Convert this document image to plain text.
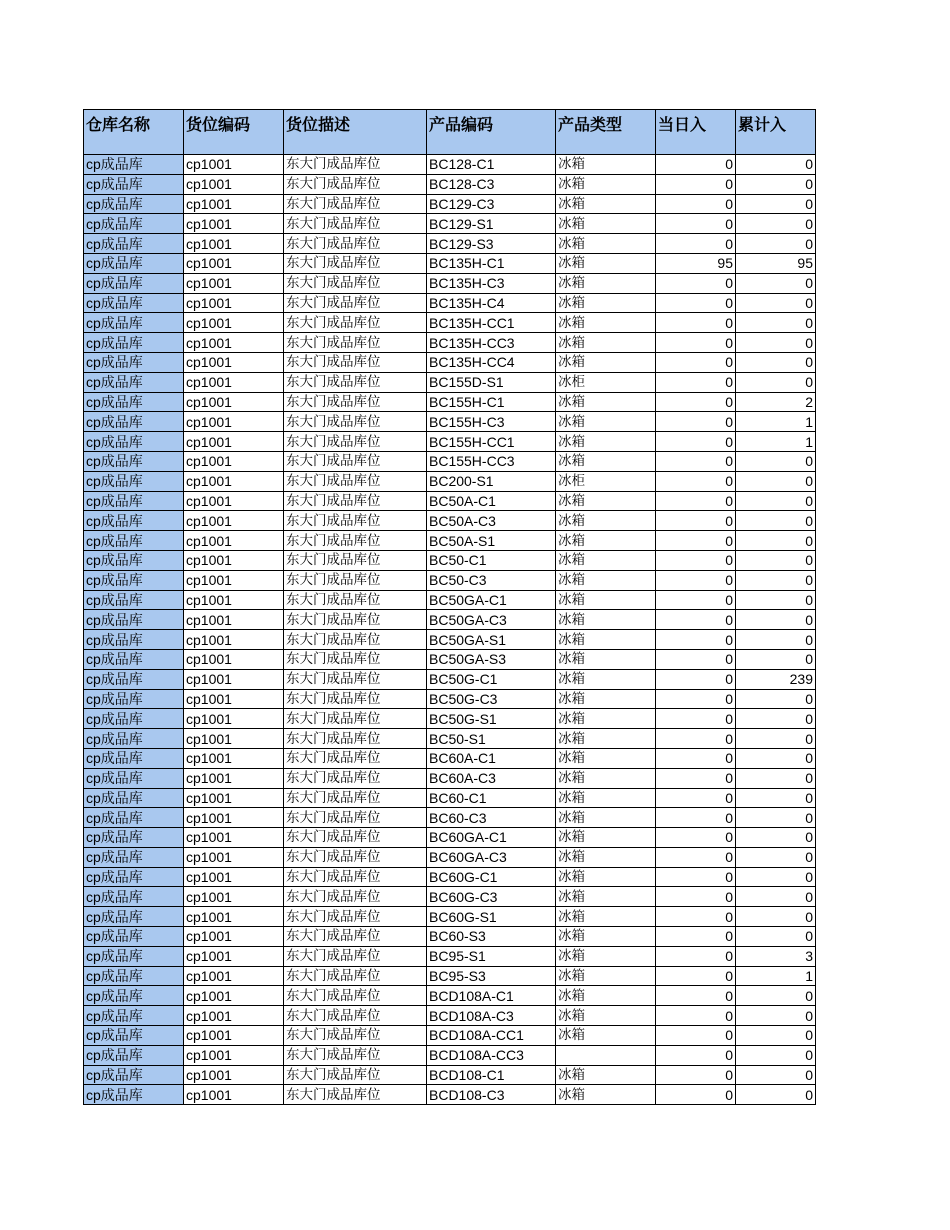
仓库名称	货位编码	货位描述	产品编码	产品类型	当日入	累计入
cp成品库	cp1001	东大门成品库位	BC128-C1	冰箱	0	0
cp成品库	cp1001	东大门成品库位	BC128-C3	冰箱	0	0
cp成品库	cp1001	东大门成品库位	BC129-C3	冰箱	0	0
cp成品库	cp1001	东大门成品库位	BC129-S1	冰箱	0	0
cp成品库	cp1001	东大门成品库位	BC129-S3	冰箱	0	0
cp成品库	cp1001	东大门成品库位	BC135H-C1	冰箱	95	95
cp成品库	cp1001	东大门成品库位	BC135H-C3	冰箱	0	0
cp成品库	cp1001	东大门成品库位	BC135H-C4	冰箱	0	0
cp成品库	cp1001	东大门成品库位	BC135H-CC1	冰箱	0	0
cp成品库	cp1001	东大门成品库位	BC135H-CC3	冰箱	0	0
cp成品库	cp1001	东大门成品库位	BC135H-CC4	冰箱	0	0
cp成品库	cp1001	东大门成品库位	BC155D-S1	冰柜	0	0
cp成品库	cp1001	东大门成品库位	BC155H-C1	冰箱	0	2
cp成品库	cp1001	东大门成品库位	BC155H-C3	冰箱	0	1
cp成品库	cp1001	东大门成品库位	BC155H-CC1	冰箱	0	1
cp成品库	cp1001	东大门成品库位	BC155H-CC3	冰箱	0	0
cp成品库	cp1001	东大门成品库位	BC200-S1	冰柜	0	0
cp成品库	cp1001	东大门成品库位	BC50A-C1	冰箱	0	0
cp成品库	cp1001	东大门成品库位	BC50A-C3	冰箱	0	0
cp成品库	cp1001	东大门成品库位	BC50A-S1	冰箱	0	0
cp成品库	cp1001	东大门成品库位	BC50-C1	冰箱	0	0
cp成品库	cp1001	东大门成品库位	BC50-C3	冰箱	0	0
cp成品库	cp1001	东大门成品库位	BC50GA-C1	冰箱	0	0
cp成品库	cp1001	东大门成品库位	BC50GA-C3	冰箱	0	0
cp成品库	cp1001	东大门成品库位	BC50GA-S1	冰箱	0	0
cp成品库	cp1001	东大门成品库位	BC50GA-S3	冰箱	0	0
cp成品库	cp1001	东大门成品库位	BC50G-C1	冰箱	0	239
cp成品库	cp1001	东大门成品库位	BC50G-C3	冰箱	0	0
cp成品库	cp1001	东大门成品库位	BC50G-S1	冰箱	0	0
cp成品库	cp1001	东大门成品库位	BC50-S1	冰箱	0	0
cp成品库	cp1001	东大门成品库位	BC60A-C1	冰箱	0	0
cp成品库	cp1001	东大门成品库位	BC60A-C3	冰箱	0	0
cp成品库	cp1001	东大门成品库位	BC60-C1	冰箱	0	0
cp成品库	cp1001	东大门成品库位	BC60-C3	冰箱	0	0
cp成品库	cp1001	东大门成品库位	BC60GA-C1	冰箱	0	0
cp成品库	cp1001	东大门成品库位	BC60GA-C3	冰箱	0	0
cp成品库	cp1001	东大门成品库位	BC60G-C1	冰箱	0	0
cp成品库	cp1001	东大门成品库位	BC60G-C3	冰箱	0	0
cp成品库	cp1001	东大门成品库位	BC60G-S1	冰箱	0	0
cp成品库	cp1001	东大门成品库位	BC60-S3	冰箱	0	0
cp成品库	cp1001	东大门成品库位	BC95-S1	冰箱	0	3
cp成品库	cp1001	东大门成品库位	BC95-S3	冰箱	0	1
cp成品库	cp1001	东大门成品库位	BCD108A-C1	冰箱	0	0
cp成品库	cp1001	东大门成品库位	BCD108A-C3	冰箱	0	0
cp成品库	cp1001	东大门成品库位	BCD108A-CC1	冰箱	0	0
cp成品库	cp1001	东大门成品库位	BCD108A-CC3		0	0
cp成品库	cp1001	东大门成品库位	BCD108-C1	冰箱	0	0
cp成品库	cp1001	东大门成品库位	BCD108-C3	冰箱	0	0
